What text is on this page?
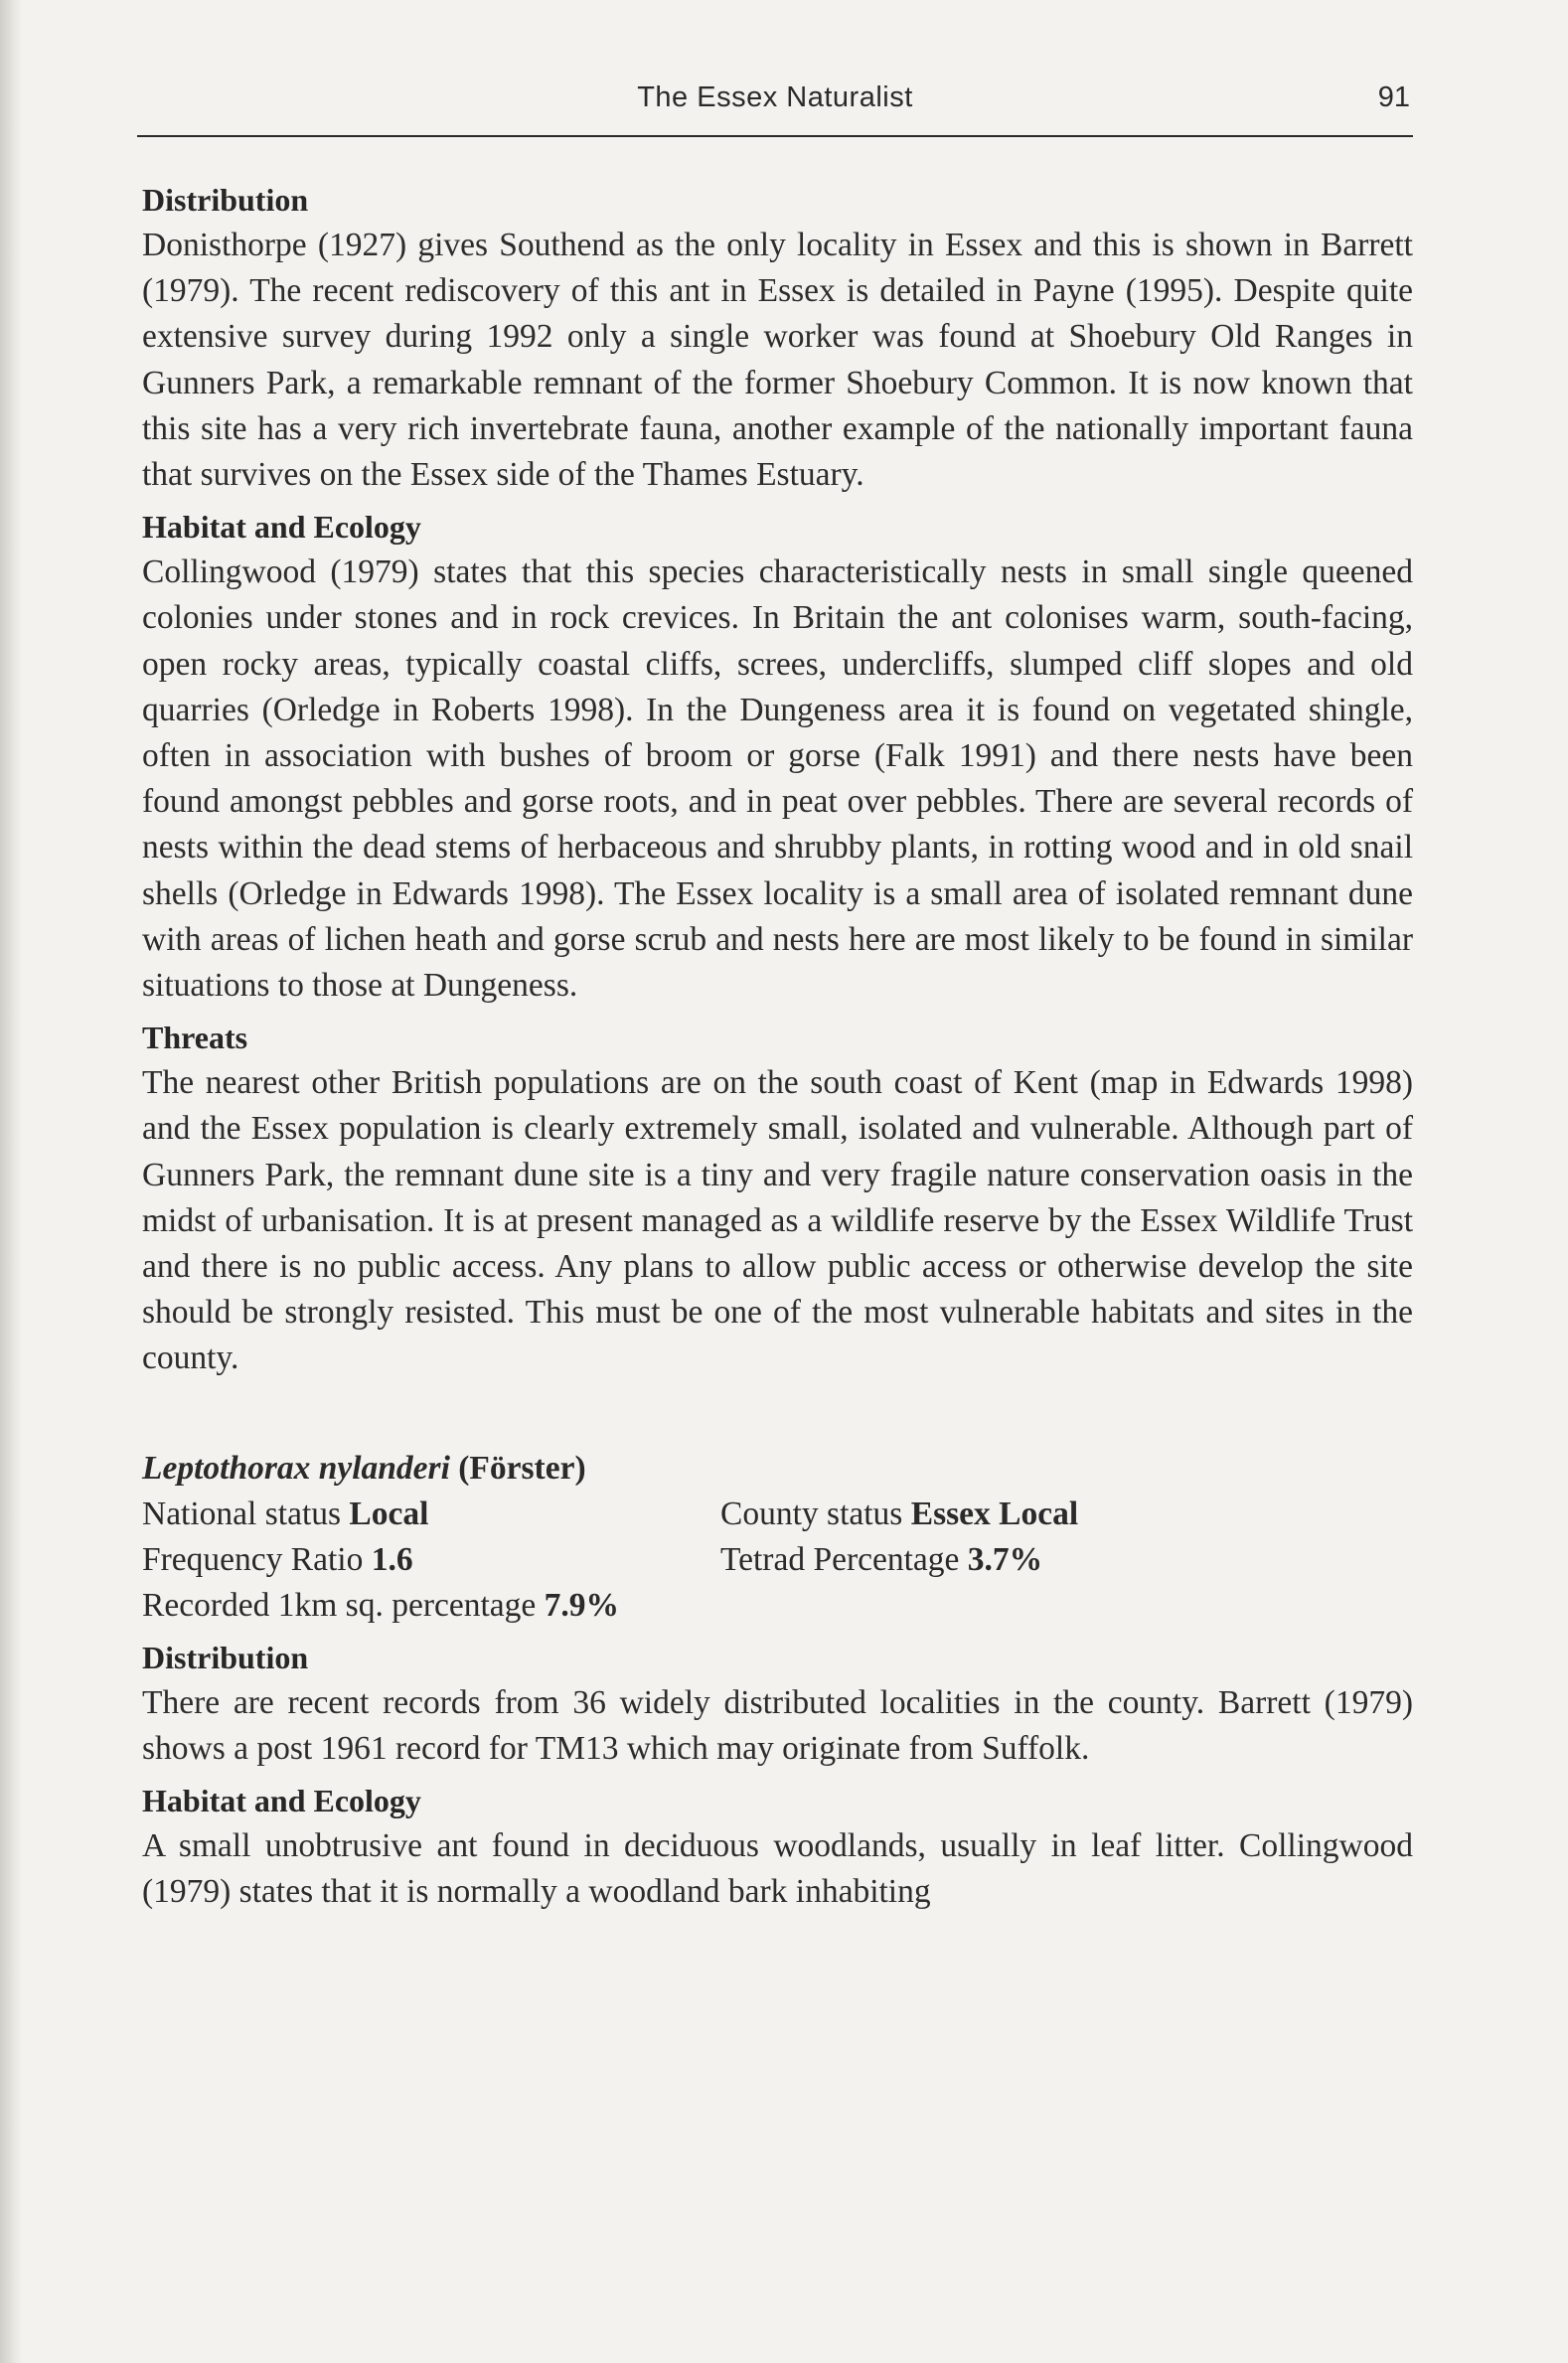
The Essex Naturalist	91
Distribution

Donisthorpe (1927) gives Southend as the only locality in Essex and this is shown in Barrett (1979). The recent rediscovery of this ant in Essex is detailed in Payne (1995). Despite quite extensive survey during 1992 only a single worker was found at Shoebury Old Ranges in Gunners Park, a remarkable remnant of the former Shoebury Common. It is now known that this site has a very rich invertebrate fauna, another example of the nationally important fauna that survives on the Essex side of the Thames Estuary.

Habitat and Ecology

Collingwood (1979) states that this species characteristically nests in small single queened colonies under stones and in rock crevices. In Britain the ant colonises warm, south-facing, open rocky areas, typically coastal cliffs, screes, undercliffs, slumped cliff slopes and old quarries (Orledge in Roberts 1998). In the Dungeness area it is found on vegetated shingle, often in association with bushes of broom or gorse (Falk 1991) and there nests have been found amongst pebbles and gorse roots, and in peat over pebbles. There are several records of nests within the dead stems of herbaceous and shrubby plants, in rotting wood and in old snail shells (Orledge in Edwards 1998). The Essex locality is a small area of isolated remnant dune with areas of lichen heath and gorse scrub and nests here are most likely to be found in similar situations to those at Dungeness.

Threats

The nearest other British populations are on the south coast of Kent (map in Edwards 1998) and the Essex population is clearly extremely small, isolated and vulnerable. Although part of Gunners Park, the remnant dune site is a tiny and very fragile nature conservation oasis in the midst of urbanisation. It is at present managed as a wildlife reserve by the Essex Wildlife Trust and there is no public access. Any plans to allow public access or otherwise develop the site should be strongly resisted. This must be one of the most vulnerable habitats and sites in the county.

Leptothorax nylanderi (Förster)

National status Local	County status Essex Local
Frequency Ratio 1.6	Tetrad Percentage 3.7%
Recorded 1km sq. percentage 7.9%
Distribution

There are recent records from 36 widely distributed localities in the county. Barrett (1979) shows a post 1961 record for TM13 which may originate from Suffolk.

Habitat and Ecology

A small unobtrusive ant found in deciduous woodlands, usually in leaf litter. Collingwood (1979) states that it is normally a woodland bark inhabiting
